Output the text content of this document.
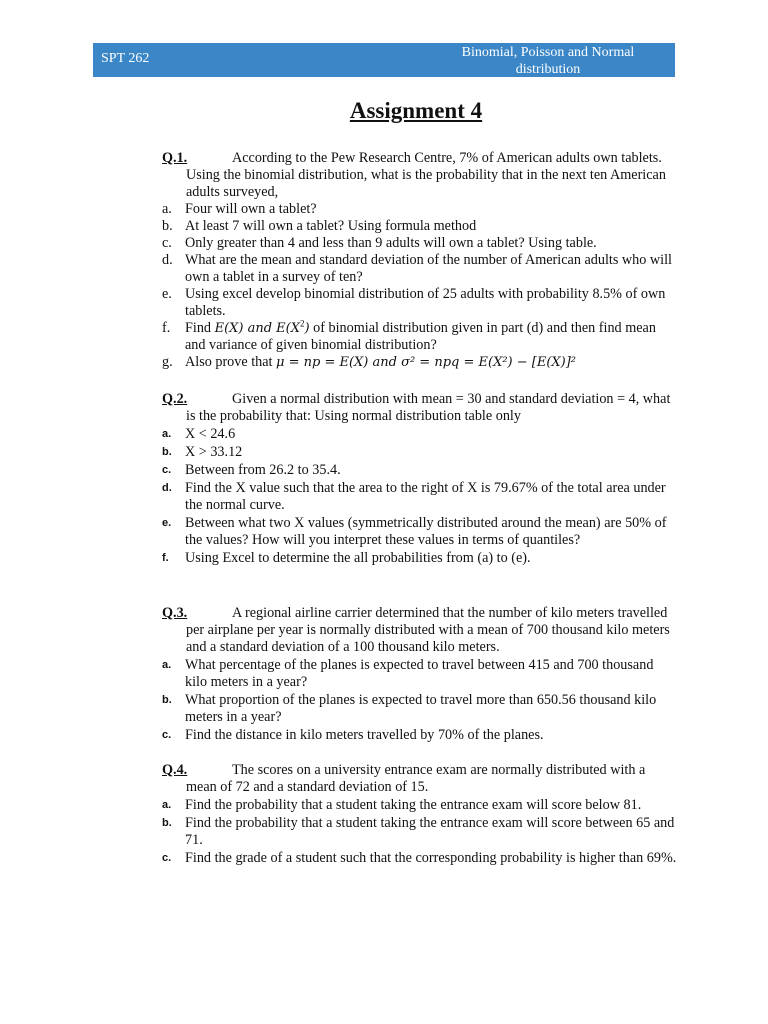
SPT 262	Binomial, Poisson and Normal distribution
Assignment 4
Q.1.	According to the Pew Research Centre, 7% of American adults own tablets. Using the binomial distribution, what is the probability that in the next ten American adults surveyed,
a. Four will own a tablet?
b. At least 7 will own a tablet? Using formula method
c. Only greater than 4 and less than 9 adults will own a tablet? Using table.
d. What are the mean and standard deviation of the number of American adults who will own a tablet in a survey of ten?
e. Using excel develop binomial distribution of 25 adults with probability 8.5% of own tablets.
f. Find E(X) and $E(X^2)$ of binomial distribution given in part (d) and then find mean and variance of given binomial distribution?
g. Also prove that μ = np = E(X) and σ² = npq = E(X²) − [E(X)]²
Q.2.	Given a normal distribution with mean = 30 and standard deviation = 4, what is the probability that: Using normal distribution table only
a. X < 24.6
b. X > 33.12
c. Between from 26.2 to 35.4.
d. Find the X value such that the area to the right of X is 79.67% of the total area under the normal curve.
e. Between what two X values (symmetrically distributed around the mean) are 50% of the values? How will you interpret these values in terms of quantiles?
f. Using Excel to determine the all probabilities from (a) to (e).
Q.3.	A regional airline carrier determined that the number of kilo meters travelled per airplane per year is normally distributed with a mean of 700 thousand kilo meters and a standard deviation of a 100 thousand kilo meters.
a. What percentage of the planes is expected to travel between 415 and 700 thousand kilo meters in a year?
b. What proportion of the planes is expected to travel more than 650.56 thousand kilo meters in a year?
c. Find the distance in kilo meters travelled by 70% of the planes.
Q.4.	The scores on a university entrance exam are normally distributed with a mean of 72 and a standard deviation of 15.
a. Find the probability that a student taking the entrance exam will score below 81.
b. Find the probability that a student taking the entrance exam will score between 65 and 71.
c. Find the grade of a student such that the corresponding probability is higher than 69%.
